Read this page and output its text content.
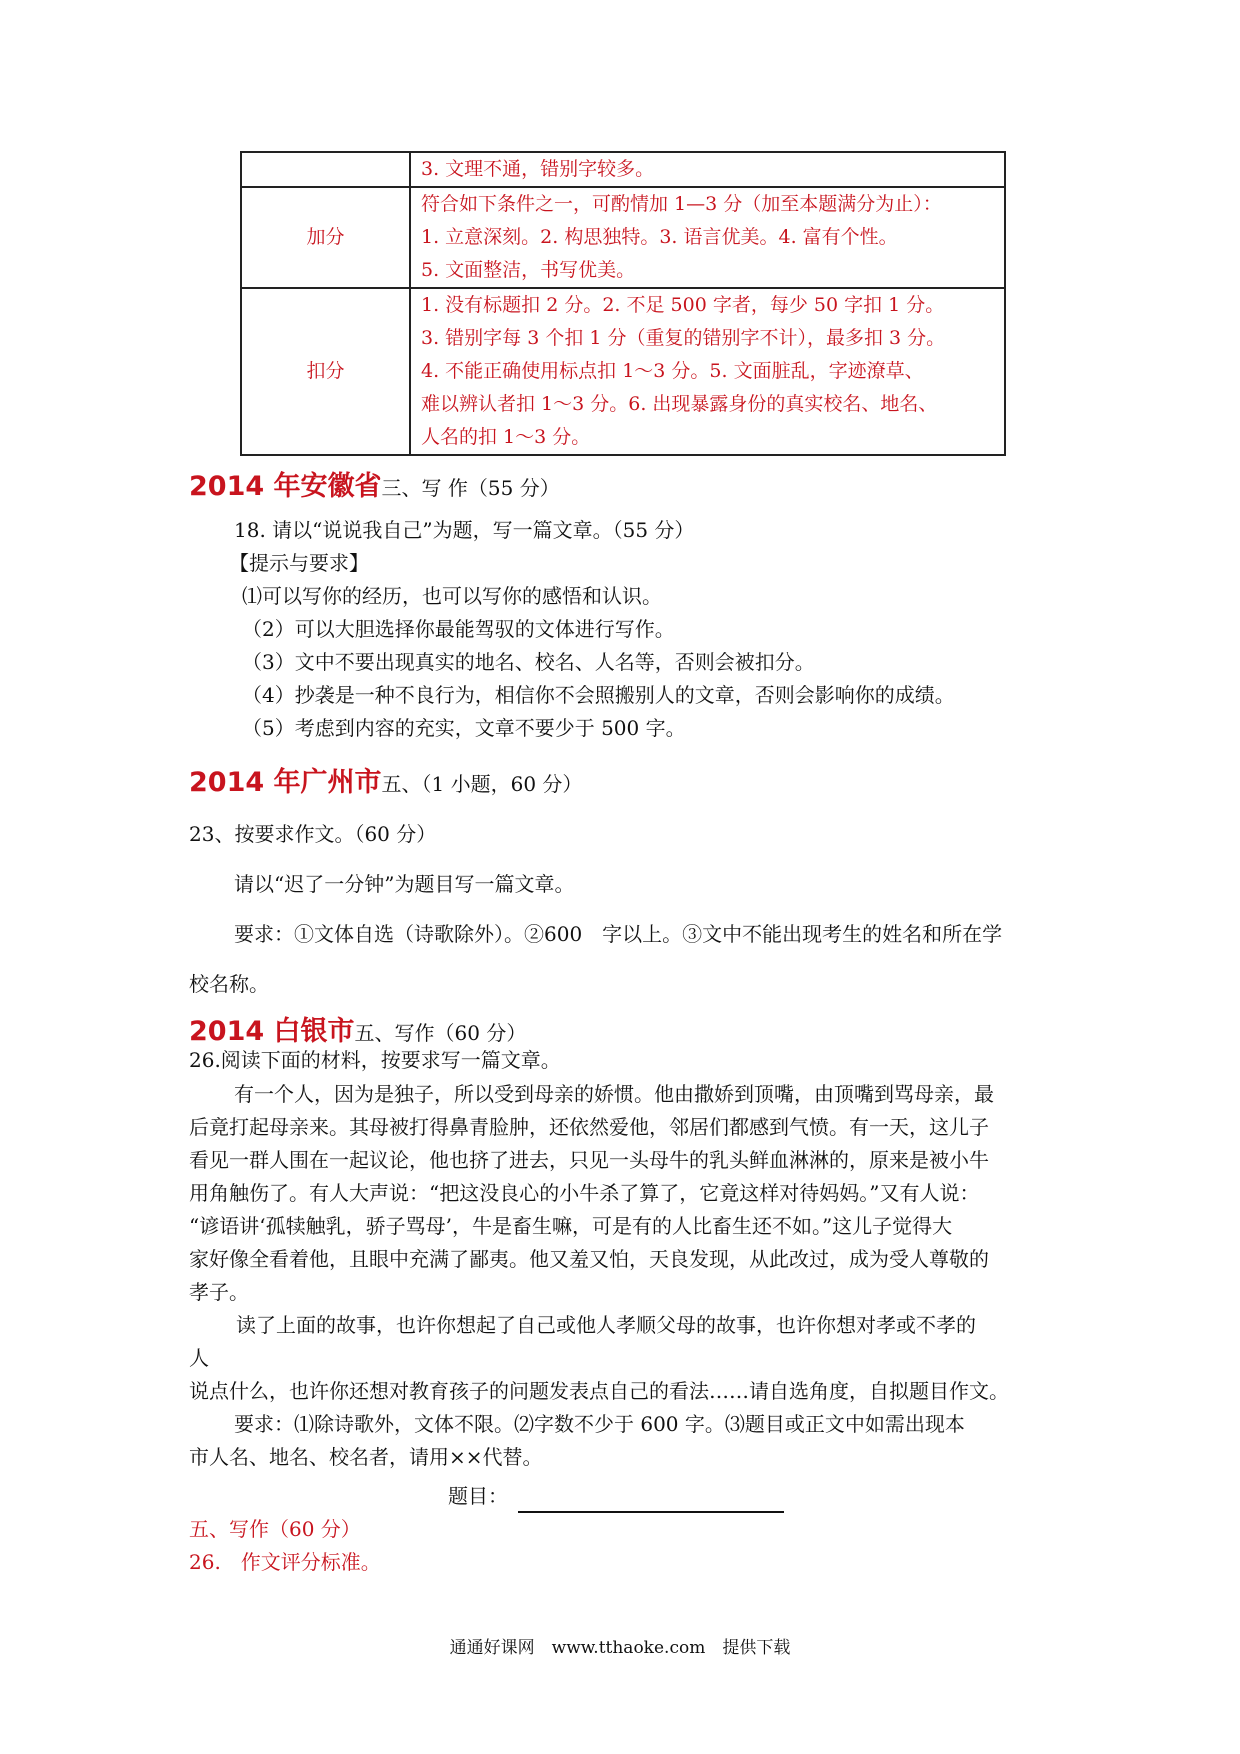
	3. 文理不通，错别字较多。

加分	符合如下条件之一，可酌情加 1—3 分（加至本题满分为止）：
1. 立意深刻。2. 构思独特。3. 语言优美。4. 富有个性。
5. 文面整洁，书写优美。

扣分	1. 没有标题扣 2 分。2. 不足 500 字者，每少 50 字扣 1 分。
3. 错别字每 3 个扣 1 分（重复的错别字不计），最多扣 3 分。
4. 不能正确使用标点扣 1～3 分。5. 文面脏乱，字迹潦草、
难以辨认者扣 1～3 分。6. 出现暴露身份的真实校名、地名、
人名的扣 1～3 分。
2014 年安徽省三、写 作（55 分）
18. 请以“说说我自己”为题，写一篇文章。（55 分）
【提示与要求】
⑴可以写你的经历，也可以写你的感悟和认识。
（2）可以大胆选择你最能驾驭的文体进行写作。
（3）文中不要出现真实的地名、校名、人名等，否则会被扣分。
（4）抄袭是一种不良行为，相信你不会照搬别人的文章，否则会影响你的成绩。
（5）考虑到内容的充实，文章不要少于 500 字。
2014 年广州市五、（1 小题，60 分）
23、按要求作文。（60 分）
请以“迟了一分钟”为题目写一篇文章。
要求：①文体自选（诗歌除外）。②600　字以上。③文中不能出现考生的姓名和所在学
校名称。
2014 白银市五、写作（60 分）
26.阅读下面的材料，按要求写一篇文章。
有一个人，因为是独子，所以受到母亲的娇惯。他由撒娇到顶嘴，由顶嘴到骂母亲，最
后竟打起母亲来。其母被打得鼻青脸肿，还依然爱他，邻居们都感到气愤。有一天，这儿子
看见一群人围在一起议论，他也挤了进去，只见一头母牛的乳头鲜血淋淋的，原来是被小牛
用角触伤了。有人大声说：“把这没良心的小牛杀了算了，它竟这样对待妈妈。”又有人说：
“谚语讲‘孤犊触乳，骄子骂母’，牛是畜生嘛，可是有的人比畜生还不如。”这儿子觉得大
家好像全看着他，且眼中充满了鄙夷。他又羞又怕，天良发现，从此改过，成为受人尊敬的
孝子。
读了上面的故事，也许你想起了自己或他人孝顺父母的故事，也许你想对孝或不孝的
人
说点什么，也许你还想对教育孩子的问题发表点自己的看法……请自选角度，自拟题目作文。
要求：⑴除诗歌外，文体不限。⑵字数不少于 600 字。⑶题目或正文中如需出现本
市人名、地名、校名者，请用××代替。
题目：
五、写作（60 分）
26.　作文评分标准。
通通好课网　www.tthaoke.com　提供下载
